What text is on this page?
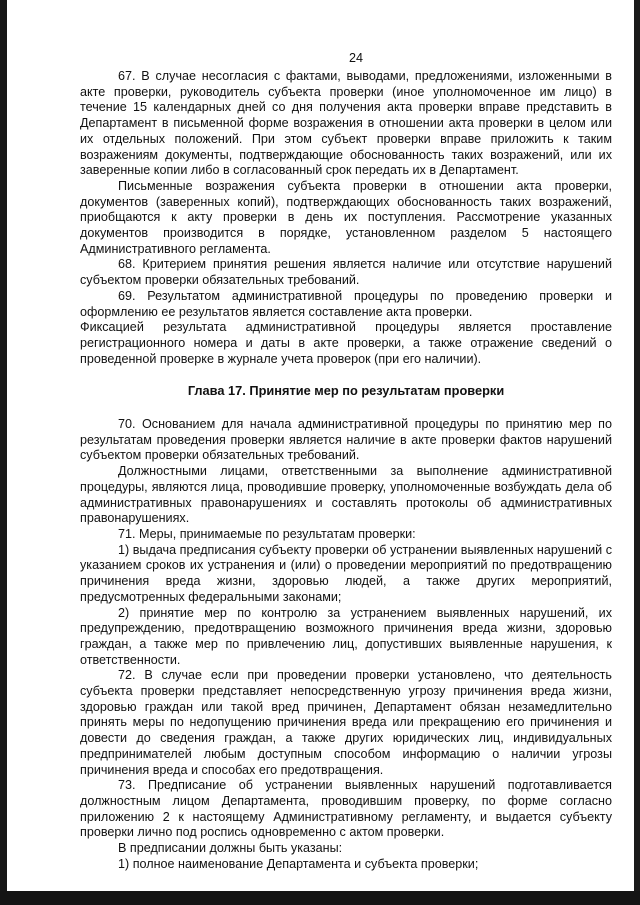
24

67. В случае несогласия с фактами, выводами, предложениями, изложенными в акте проверки, руководитель субъекта проверки (иное уполномоченное им лицо) в течение 15 календарных дней со дня получения акта проверки вправе представить в Департамент в письменной форме возражения в отношении акта проверки в целом или их отдельных положений. При этом субъект проверки вправе приложить к таким возражениям документы, подтверждающие обоснованность таких возражений, или их заверенные копии либо в согласованный срок передать их в Департамент.

Письменные возражения субъекта проверки в отношении акта проверки, документов (заверенных копий), подтверждающих обоснованность таких возражений, приобщаются к акту проверки в день их поступления. Рассмотрение указанных документов производится в порядке, установленном разделом 5 настоящего Административного регламента.

68. Критерием принятия решения является наличие или отсутствие нарушений субъектом проверки обязательных требований.

69. Результатом административной процедуры по проведению проверки и оформлению ее результатов является составление акта проверки.

Фиксацией результата административной процедуры является проставление регистрационного номера и даты в акте проверки, а также отражение сведений о проведенной проверке в журнале учета проверок (при его наличии).

Глава 17. Принятие мер по результатам проверки

70. Основанием для начала административной процедуры по принятию мер по результатам проведения проверки является наличие в акте проверки фактов нарушений субъектом проверки обязательных требований.

Должностными лицами, ответственными за выполнение административной процедуры, являются лица, проводившие проверку, уполномоченные возбуждать дела об административных правонарушениях и составлять протоколы об административных правонарушениях.

71. Меры, принимаемые по результатам проверки:

1) выдача предписания субъекту проверки об устранении выявленных нарушений с указанием сроков их устранения и (или) о проведении мероприятий по предотвращению причинения вреда жизни, здоровью людей, а также других мероприятий, предусмотренных федеральными законами;

2) принятие мер по контролю за устранением выявленных нарушений, их предупреждению, предотвращению возможного причинения вреда жизни, здоровью граждан, а также мер по привлечению лиц, допустивших выявленные нарушения, к ответственности.

72. В случае если при проведении проверки установлено, что деятельность субъекта проверки представляет непосредственную угрозу причинения вреда жизни, здоровью граждан или такой вред причинен, Департамент обязан незамедлительно принять меры по недопущению причинения вреда или прекращению его причинения и довести до сведения граждан, а также других юридических лиц, индивидуальных предпринимателей любым доступным способом информацию о наличии угрозы причинения вреда и способах его предотвращения.

73. Предписание об устранении выявленных нарушений подготавливается должностным лицом Департамента, проводившим проверку, по форме согласно приложению 2 к настоящему Административному регламенту, и выдается субъекту проверки лично под роспись одновременно с актом проверки.

В предписании должны быть указаны:

1) полное наименование Департамента и субъекта проверки;
